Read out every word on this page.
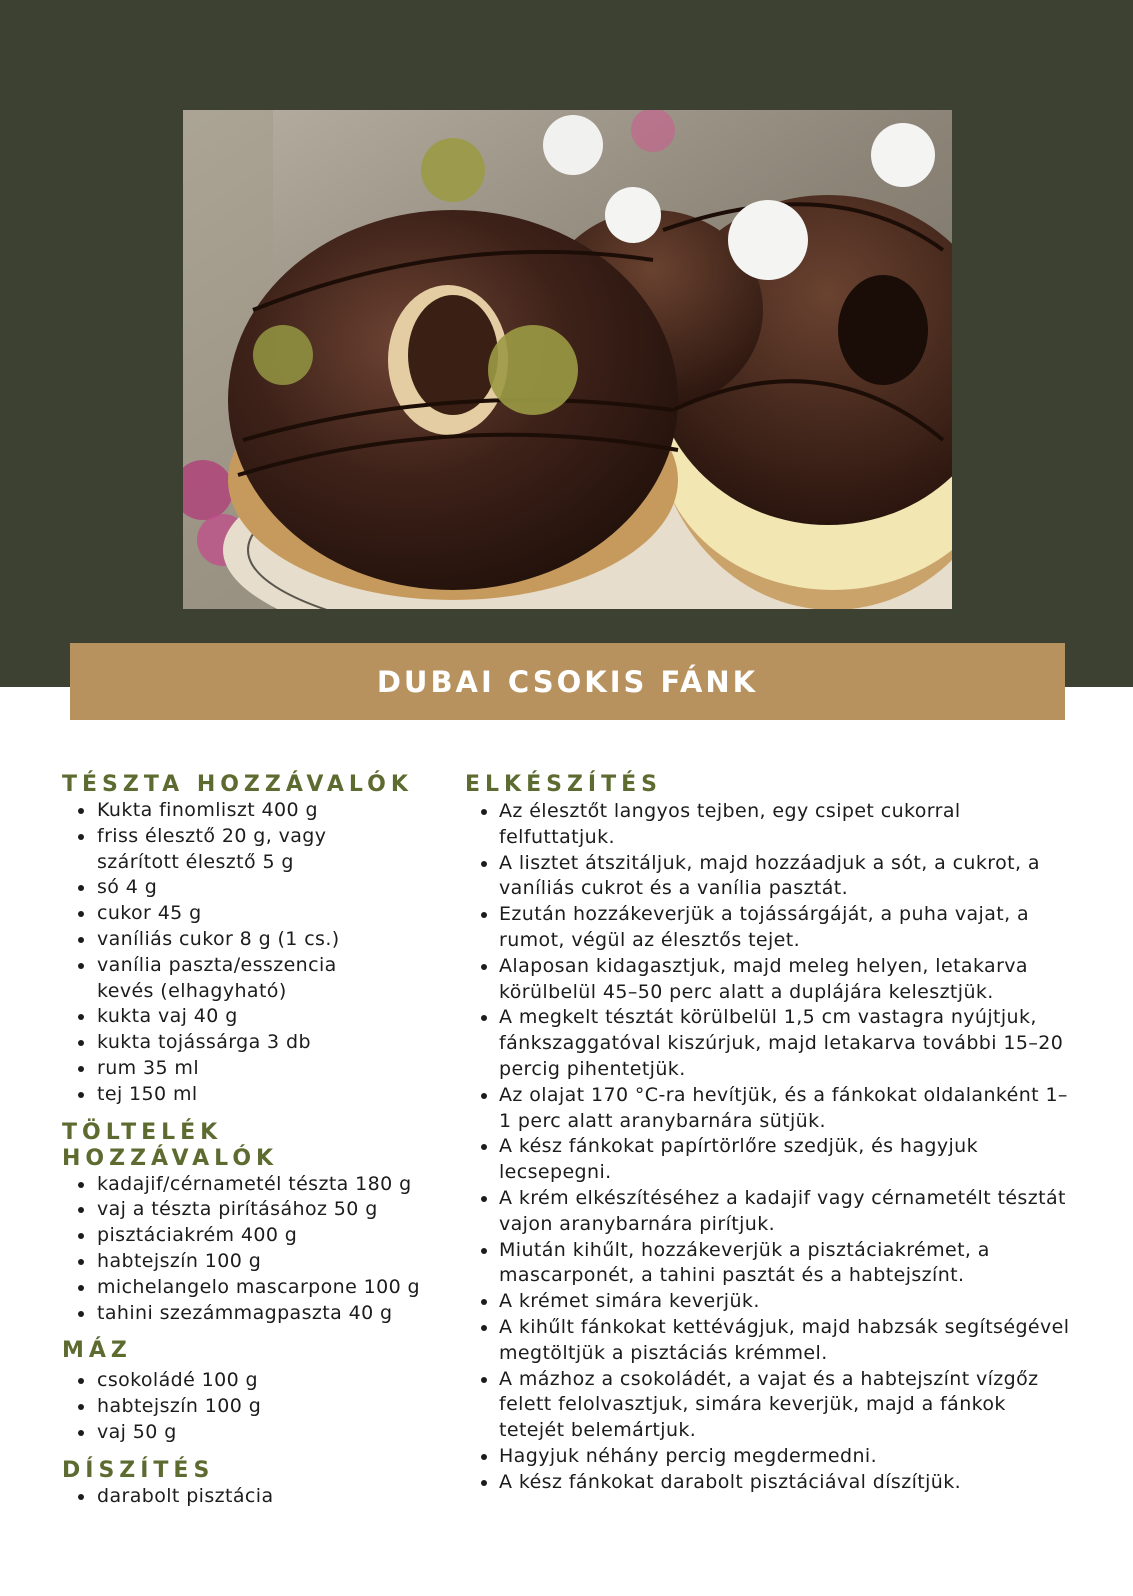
DUBAI CSOKIS FÁNK
TÉSZTA HOZZÁVALÓK
Kukta finomliszt 400 g
friss élesztő 20 g, vagy szárított élesztő 5 g
só 4 g
cukor 45 g
vaníliás cukor 8 g (1 cs.)
vanília paszta/esszencia kevés (elhagyható)
kukta vaj 40 g
kukta tojássárga 3 db
rum 35 ml
tej 150 ml
TÖLTELÉK HOZZÁVALÓK
kadajif/cérnametél tészta 180 g
vaj a tészta pirításához 50 g
pisztáciakrém 400 g
habtejszín 100 g
michelangelo mascarpone 100 g
tahini szezámmagpaszta 40 g
MÁZ
csokoládé 100 g
habtejszín 100 g
vaj 50 g
DÍSZÍTÉS
darabolt pisztácia
ELKÉSZÍTÉS
Az élesztőt langyos tejben, egy csipet cukorral felfuttatjuk.
A lisztet átszitáljuk, majd hozzáadjuk a sót, a cukrot, a vaníliás cukrot és a vanília pasztát.
Ezután hozzákeverjük a tojássárgáját, a puha vajat, a rumot, végül az élesztős tejet.
Alaposan kidagasztjuk, majd meleg helyen, letakarva körülbelül 45–50 perc alatt a duplájára kelesztjük.
A megkelt tésztát körülbelül 1,5 cm vastagra nyújtjuk, fánkszaggatóval kiszúrjuk, majd letakarva további 15–20 percig pihentetjük.
Az olajat 170 °C-ra hevítjük, és a fánkokat oldalanként 1–1 perc alatt aranybarnára sütjük.
A kész fánkokat papírtörlőre szedjük, és hagyjuk lecsepegni.
A krém elkészítéséhez a kadajif vagy cérnametélt tésztát vajon aranybarnára pirítjuk.
Miután kihűlt, hozzákeverjük a pisztáciakrémet, a mascarponét, a tahini pasztát és a habtejszínt.
A krémet simára keverjük.
A kihűlt fánkokat kettévágjuk, majd habzsák segítségével megtöltjük a pisztáciás krémmel.
A mázhoz a csokoládét, a vajat és a habtejszínt vízgőz felett felolvasztjuk, simára keverjük, majd a fánkok tetejét belemártjuk.
Hagyjuk néhány percig megdermedni.
A kész fánkokat darabolt pisztáciával díszítjük.
